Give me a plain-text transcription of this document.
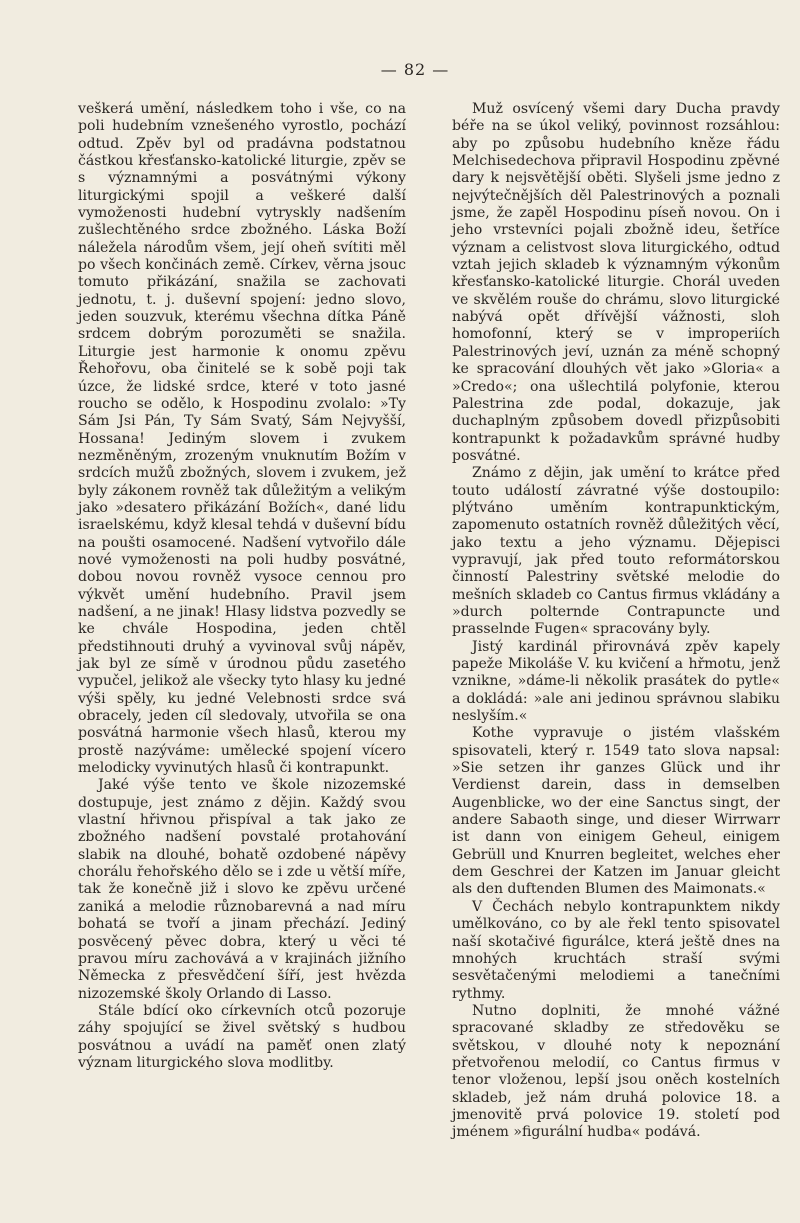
— 82 —

veškerá umění, následkem toho i vše, co na poli hudebním vznešeného vyrostlo, pochází odtud. Zpěv byl od pradávna podstatnou částkou křesťansko-katolické liturgie, zpěv se s významnými a posvátnými výkony liturgickými spojil a veškeré další vymoženosti hudební vytryskly nadšením zušlechtěného srdce zbožného. Láska Boží náležela národům všem, její oheň svítiti měl po všech končinách země. Církev, věrna jsouc tomuto přikázání, snažila se zachovati jednotu, t. j. duševní spojení: jedno slovo, jeden souzvuk, kterému všechna dítka Páně srdcem dobrým porozuměti se snažila. Liturgie jest harmonie k onomu zpěvu Řehořovu, oba činitelé se k sobě poji tak úzce, že lidské srdce, které v toto jasné roucho se odělo, k Hospodinu zvolalo: »Ty Sám Jsi Pán, Ty Sám Svatý, Sám Nejvyšší, Hossana! Jediným slovem i zvukem nezměněným, zrozeným vnuknutím Božím v srdcích mužů zbožných, slovem i zvukem, jež byly zákonem rovněž tak důležitým a velikým jako »desatero přikázání Božích«, dané lidu israelskému, když klesal tehdá v duševní bídu na poušti osamocené. Nadšení vytvořilo dále nové vymoženosti na poli hudby posvátné, dobou novou rovněž vysoce cennou pro výkvět umění hudebního. Pravil jsem nadšení, a ne jinak! Hlasy lidstva pozvedly se ke chvále Hospodina, jeden chtěl předstihnouti druhý a vyvinoval svůj nápěv, jak byl ze símě v úrodnou půdu zasetého vypučel, jelikož ale všecky tyto hlasy ku jedné výši spěly, ku jedné Velebnosti srdce svá obracely, jeden cíl sledovaly, utvořila se ona posvátná harmonie všech hlasů, kterou my prostě nazýváme: umělecké spojení vícero melodicky vyvinutých hlasů či kontrapunkt.

Jaké výše tento ve škole nizozemské dostupuje, jest známo z dějin. Každý svou vlastní hřivnou přispíval a tak jako ze zbožného nadšení povstalé protahování slabik na dlouhé, bohatě ozdobené nápěvy chorálu řehořského dělo se i zde u větší míře, tak že konečně již i slovo ke zpěvu určené zaniká a melodie různobarevná a nad míru bohatá se tvoří a jinam přechází. Jediný posvěcený pěvec dobra, který u věci té pravou míru zachovává a v krajinách jižního Německa z přesvědčení šíří, jest hvězda nizozemské školy Orlando di Lasso.

Stále bdící oko církevních otců pozoruje záhy spojující se živel světský s hudbou posvátnou a uvádí na paměť onen zlatý význam liturgického slova modlitby.

Muž osvícený všemi dary Ducha pravdy béře na se úkol veliký, povinnost rozsáhlou: aby po způsobu hudebního kněze řádu Melchisedechova připravil Hospodinu zpěvné dary k nejsvětější oběti. Slyšeli jsme jedno z nejvýtečnějších děl Palestrinových a poznali jsme, že zapěl Hospodinu píseň novou. On i jeho vrstevníci pojali zbožně ideu, šetříce význam a celistvost slova liturgického, odtud vztah jejich skladeb k významným výkonům křesťansko-katolické liturgie. Chorál uveden ve skvělém rouše do chrámu, slovo liturgické nabývá opět dřívější vážnosti, sloh homofonní, který se v improperiích Palestrinových jeví, uznán za méně schopný ke spracování dlouhých vět jako »Gloria« a »Credo«; ona ušlechtilá polyfonie, kterou Palestrina zde podal, dokazuje, jak duchaplným způsobem dovedl přizpůsobiti kontrapunkt k požadavkům správné hudby posvátné.

Známo z dějin, jak umění to krátce před touto událostí závratné výše dostoupilo: plýtváno uměním kontrapunktickým, zapomenuto ostatních rovněž důležitých věcí, jako textu a jeho významu. Dějepisci vypravují, jak před touto reformátorskou činností Palestriny světské melodie do mešních skladeb co Cantus firmus vkládány a »durch polternde Contrapuncte und prasselnde Fugen« spracovány byly.

Jistý kardinál přirovnává zpěv kapely papeže Mikoláše V. ku kvičení a hřmotu, jenž vznikne, »dáme-li několik prasátek do pytle« a dokládá: »ale ani jedinou správnou slabiku neslyším.«

Kothe vypravuje o jistém vlašském spisovateli, který r. 1549 tato slova napsal: »Sie setzen ihr ganzes Glück und ihr Verdienst darein, dass in demselben Augenblicke, wo der eine Sanctus singt, der andere Sabaoth singe, und dieser Wirrwarr ist dann von einigem Geheul, einigem Gebrüll und Knurren begleitet, welches eher dem Geschrei der Katzen im Januar gleicht als den duftenden Blumen des Maimonats.«

V Čechách nebylo kontrapunktem nikdy umělkováno, co by ale řekl tento spisovatel naší skotačivé figurálce, která ještě dnes na mnohých kruchtách straší svými sesvětačenými melodiemi a tanečními rythmy.

Nutno doplniti, že mnohé vážné spracované skladby ze středověku se světskou, v dlouhé noty k nepoznání přetvořenou melodií, co Cantus firmus v tenor vloženou, lepší jsou oněch kostelních skladeb, jež nám druhá polovice 18. a jmenovitě prvá polovice 19. století pod jménem »figurální hudba« podává.
